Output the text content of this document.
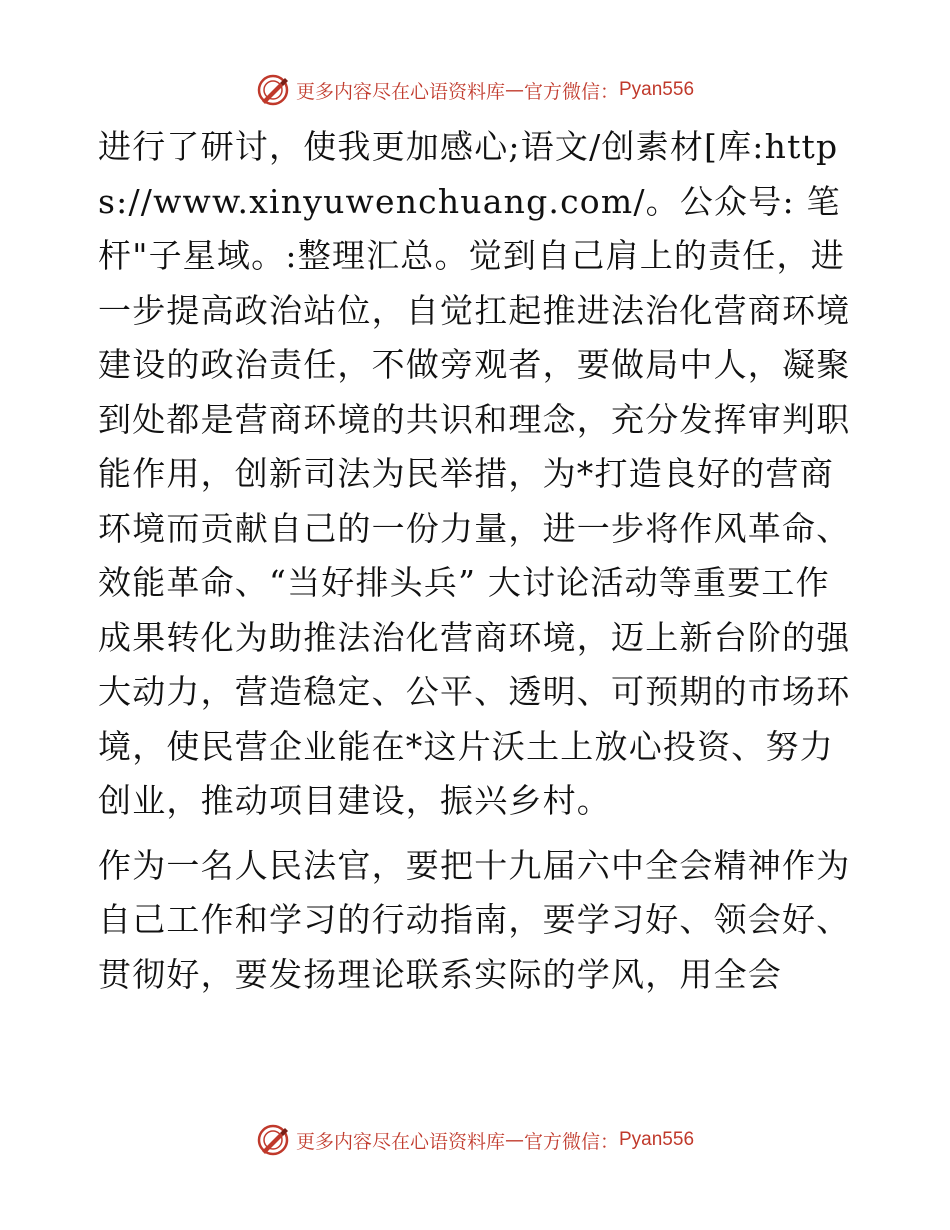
更多内容尽在心语资料库 — 官方微信： Pyan556

进行了研讨，使我更加感心;语文/创素材[库:https://www.xinyuwenchuang.com/。公众号: 笔杆"子星域。:整理汇总。觉到自己肩上的责任，进一步提高政治站位，自觉扛起推进法治化营商环境建设的政治责任，不做旁观者，要做局中人，凝聚到处都是营商环境的共识和理念，充分发挥审判职能作用，创新司法为民举措，为*打造良好的营商环境而贡献自己的一份力量，进一步将作风革命、效能革命、“当好排头兵” 大讨论活动等重要工作成果转化为助推法治化营商环境，迈上新台阶的强大动力，营造稳定、公平、透明、可预期的市场环境，使民营企业能在*这片沃土上放心投资、努力创业，推动项目建设，振兴乡村。

作为一名人民法官，要把十九届六中全会精神作为自己工作和学习的行动指南，要学习好、领会好、贯彻好，要发扬理论联系实际的学风，用全会

更多内容尽在心语资料库 — 官方微信： Pyan556
